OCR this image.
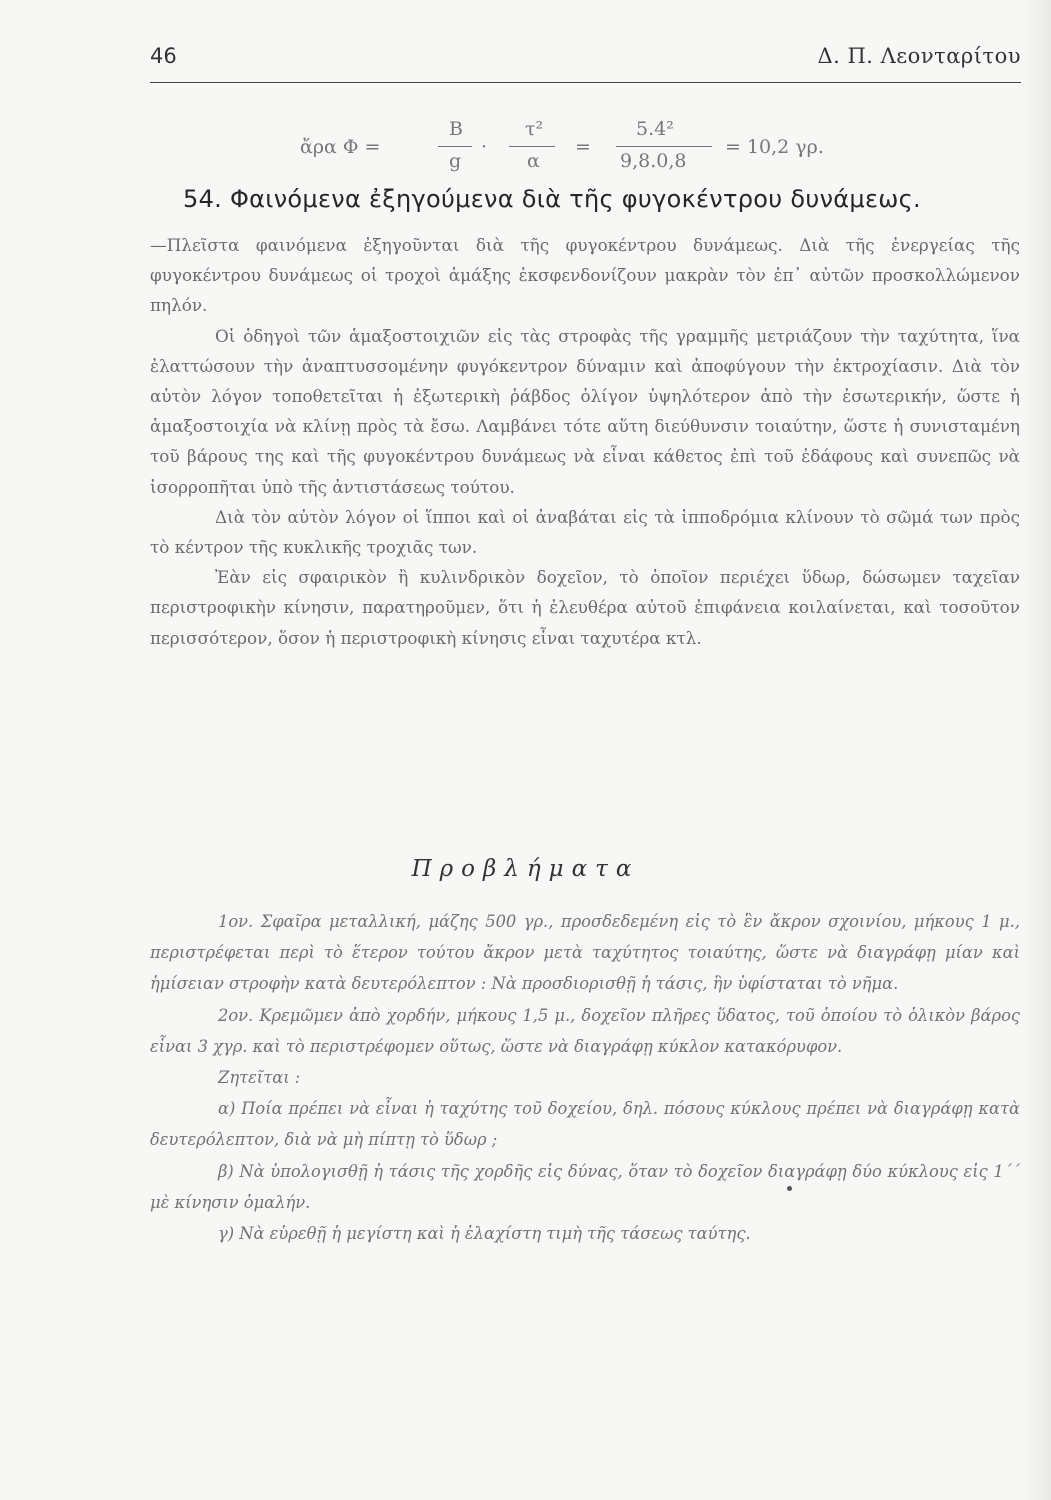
46	Δ. Π. Λεονταρίτου
ἄρα Φ =
B
g
·
τ²
α
=
5.4²
9,8.0,8
= 10,2 γρ.
54. Φαινόμενα ἐξηγούμενα διὰ τῆς φυγοκέντρου δυνάμεως.

—Πλεῖστα φαινόμενα ἐξηγοῦνται διὰ τῆς φυγοκέντρου δυνάμεως. Διὰ τῆς ἐνεργείας τῆς φυγοκέντρου δυνάμεως οἱ τροχοὶ ἁμάξης ἐκσφενδονίζουν μακρὰν τὸν ἐπ᾿ αὐτῶν προσκολλώμενον πηλόν.

Οἱ ὁδηγοὶ τῶν ἁμαξοστοιχιῶν εἰς τὰς στροφὰς τῆς γραμμῆς μετριάζουν τὴν ταχύτητα, ἵνα ἐλαττώσουν τὴν ἀναπτυσσομένην φυγόκεντρον δύναμιν καὶ ἀποφύγουν τὴν ἐκτροχίασιν. Διὰ τὸν αὐτὸν λόγον τοποθετεῖται ἡ ἐξωτερικὴ ῥάβδος ὀλίγον ὑψηλότερον ἀπὸ τὴν ἐσωτερικήν, ὥστε ἡ ἁμαξοστοιχία νὰ κλίνῃ πρὸς τὰ ἔσω. Λαμβάνει τότε αὕτη διεύθυνσιν τοιαύτην, ὥστε ἡ συνισταμένη τοῦ βάρους της καὶ τῆς φυγοκέντρου δυνάμεως νὰ εἶναι κάθετος ἐπὶ τοῦ ἐδάφους καὶ συνεπῶς νὰ ἰσορροπῆται ὑπὸ τῆς ἀντιστάσεως τούτου.

Διὰ τὸν αὐτὸν λόγον οἱ ἵπποι καὶ οἱ ἀναβάται εἰς τὰ ἱπποδρόμια κλίνουν τὸ σῶμά των πρὸς τὸ κέντρον τῆς κυκλικῆς τροχιᾶς των.

Ἐὰν εἰς σφαιρικὸν ἢ κυλινδρικὸν δοχεῖον, τὸ ὁποῖον περιέχει ὕδωρ, δώσωμεν ταχεῖαν περιστροφικὴν κίνησιν, παρατηροῦμεν, ὅτι ἡ ἐλευθέρα αὐτοῦ ἐπιφάνεια κοιλαίνεται, καὶ τοσοῦτον περισσότερον, ὅσον ἡ περιστροφικὴ κίνησις εἶναι ταχυτέρα κτλ.

Προβλήματα

1ον. Σφαῖρα μεταλλική, μάζης 500 γρ., προσδεδεμένη εἰς τὸ ἓν ἄκρον σχοινίου, μήκους 1 μ., περιστρέφεται περὶ τὸ ἕτερον τούτου ἄκρον μετὰ ταχύτητος τοιαύτης, ὥστε νὰ διαγράφῃ μίαν καὶ ἡμίσειαν στροφὴν κατὰ δευτερόλεπτον : Νὰ προσδιορισθῇ ἡ τάσις, ἣν ὑφίσταται τὸ νῆμα.

2ον. Κρεμῶμεν ἀπὸ χορδήν, μήκους 1,5 μ., δοχεῖον πλῆρες ὕδατος, τοῦ ὁποίου τὸ ὁλικὸν βάρος εἶναι 3 χγρ. καὶ τὸ περιστρέφομεν οὕτως, ὥστε νὰ διαγράφῃ κύκλον κατακόρυφον.

Ζητεῖται :

α) Ποία πρέπει νὰ εἶναι ἡ ταχύτης τοῦ δοχείου, δηλ. πόσους κύκλους πρέπει νὰ διαγράφῃ κατὰ δευτερόλεπτον, διὰ νὰ μὴ πίπτῃ τὸ ὕδωρ ;

β) Νὰ ὑπολογισθῇ ἡ τάσις τῆς χορδῆς εἰς δύνας, ὅταν τὸ δοχεῖον διαγράφῃ δύο κύκλους εἰς 1´´ μὲ κίνησιν ὁμαλήν.

γ) Νὰ εὑρεθῇ ἡ μεγίστη καὶ ἡ ἐλαχίστη τιμὴ τῆς τάσεως ταύτης.
